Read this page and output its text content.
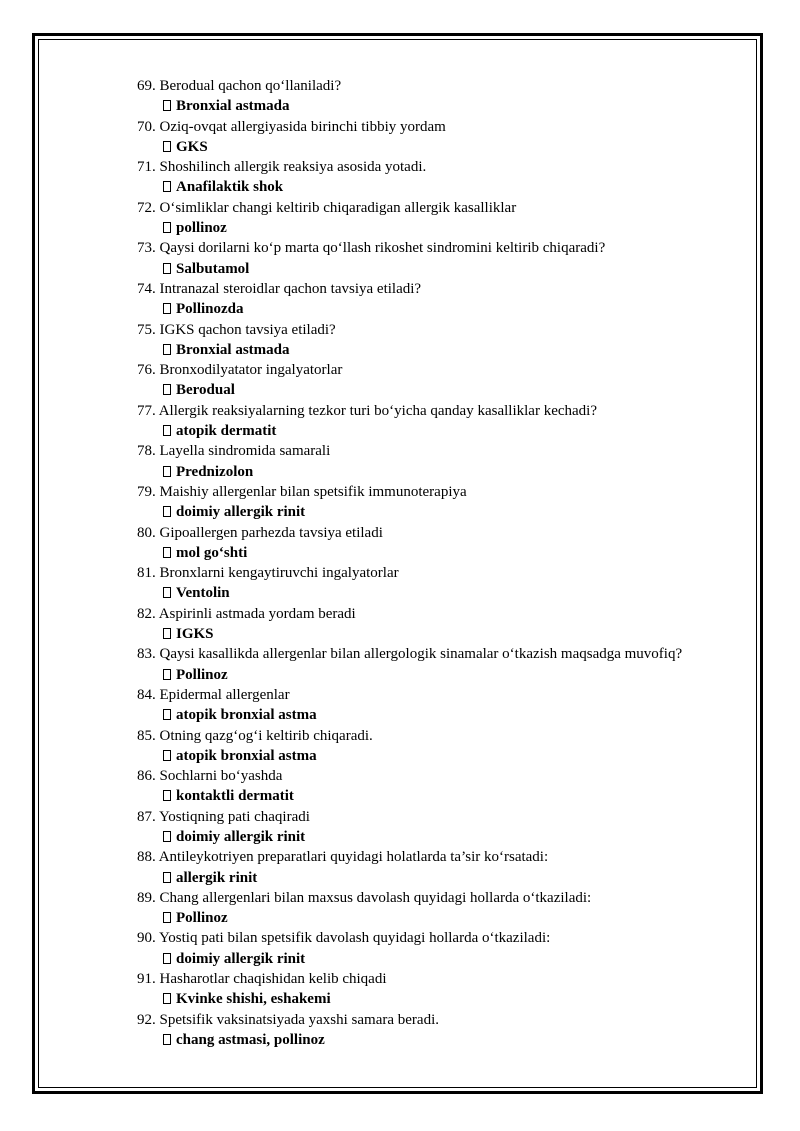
69. Berodual qachon qo‘llaniladi?
Bronxial astmada
70. Oziq-ovqat allergiyasida birinchi tibbiy yordam
GKS
71. Shoshilinch allergik reaksiya asosida yotadi.
Anafilaktik shok
72. O‘simliklar changi keltirib chiqaradigan allergik kasalliklar
pollinoz
73. Qaysi dorilarni ko‘p marta qo‘llash rikoshet sindromini keltirib chiqaradi?
Salbutamol
74. Intranazal steroidlar qachon tavsiya etiladi?
Pollinozda
75. IGKS qachon tavsiya etiladi?
Bronxial astmada
76. Bronxodilyatator ingalyatorlar
Berodual
77. Allergik reaksiyalarning tezkor turi bo‘yicha qanday kasalliklar kechadi?
atopik dermatit
78. Layella sindromida samarali
Prednizolon
79. Maishiy allergenlar bilan spetsifik immunoterapiya
doimiy allergik rinit
80. Gipoallergen parhezda tavsiya etiladi
mol go‘shti
81. Bronxlarni kengaytiruvchi ingalyatorlar
Ventolin
82. Aspirinli astmada yordam beradi
IGKS
83. Qaysi kasallikda allergenlar bilan allergologik sinamalar o‘tkazish maqsadga muvofiq?
Pollinoz
84. Epidermal allergenlar
atopik bronxial astma
85. Otning qazg‘og‘i keltirib chiqaradi.
atopik bronxial astma
86. Sochlarni bo‘yashda
kontaktli dermatit
87. Yostiqning pati chaqiradi
doimiy allergik rinit
88. Antileykotriyen preparatlari quyidagi holatlarda ta’sir ko‘rsatadi:
allergik rinit
89. Chang allergenlari bilan maxsus davolash quyidagi hollarda o‘tkaziladi:
Pollinoz
90. Yostiq pati bilan spetsifik davolash quyidagi hollarda o‘tkaziladi:
doimiy allergik rinit
91. Hasharotlar chaqishidan kelib chiqadi
Kvinke shishi, eshakemi
92. Spetsifik vaksinatsiyada yaxshi samara beradi.
chang astmasi, pollinoz
